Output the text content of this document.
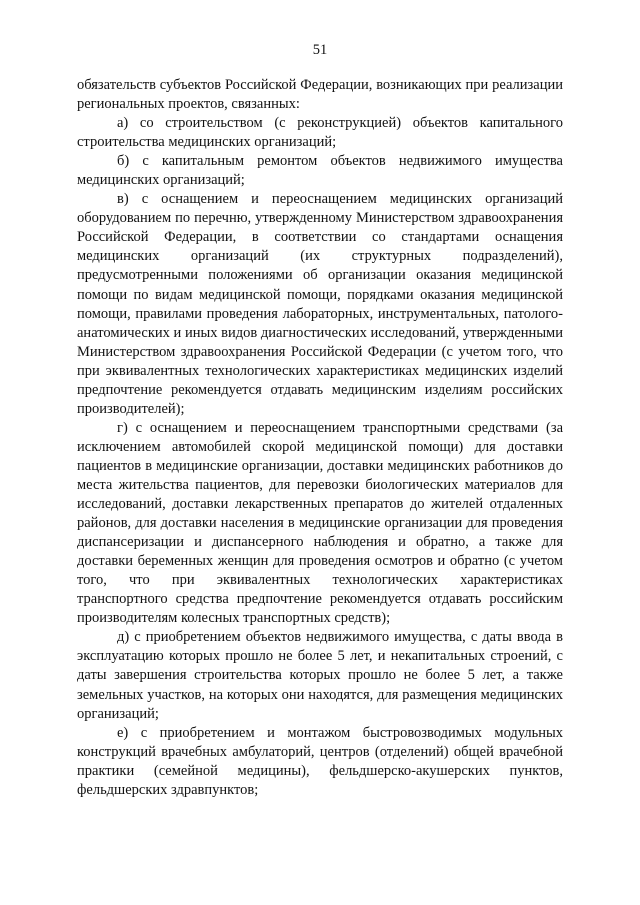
51

обязательств субъектов Российской Федерации, возникающих при реализации региональных проектов, связанных:

а) со строительством (с реконструкцией) объектов капитального строительства медицинских организаций;

б) с капитальным ремонтом объектов недвижимого имущества медицинских организаций;

в) с оснащением и переоснащением медицинских организаций оборудованием по перечню, утвержденному Министерством здравоохранения Российской Федерации, в соответствии со стандартами оснащения медицинских организаций (их структурных подразделений), предусмотренными положениями об организации оказания медицинской помощи по видам медицинской помощи, порядками оказания медицинской помощи, правилами проведения лабораторных, инструментальных, патолого-анатомических и иных видов диагностических исследований, утвержденными Министерством здравоохранения Российской Федерации (с учетом того, что при эквивалентных технологических характеристиках медицинских изделий предпочтение рекомендуется отдавать медицинским изделиям российских производителей);

г) с оснащением и переоснащением транспортными средствами (за исключением автомобилей скорой медицинской помощи) для доставки пациентов в медицинские организации, доставки медицинских работников до места жительства пациентов, для перевозки биологических материалов для исследований, доставки лекарственных препаратов до жителей отдаленных районов, для доставки населения в медицинские организации для проведения диспансеризации и диспансерного наблюдения и обратно, а также для доставки беременных женщин для проведения осмотров и обратно (с учетом того, что при эквивалентных технологических характеристиках транспортного средства предпочтение рекомендуется отдавать российским производителям колесных транспортных средств);

д) с приобретением объектов недвижимого имущества, с даты ввода в эксплуатацию которых прошло не более 5 лет, и некапитальных строений, с даты завершения строительства которых прошло не более 5 лет, а также земельных участков, на которых они находятся, для размещения медицинских организаций;

е) с приобретением и монтажом быстровозводимых модульных конструкций врачебных амбулаторий, центров (отделений) общей врачебной практики (семейной медицины), фельдшерско-акушерских пунктов, фельдшерских здравпунктов;
